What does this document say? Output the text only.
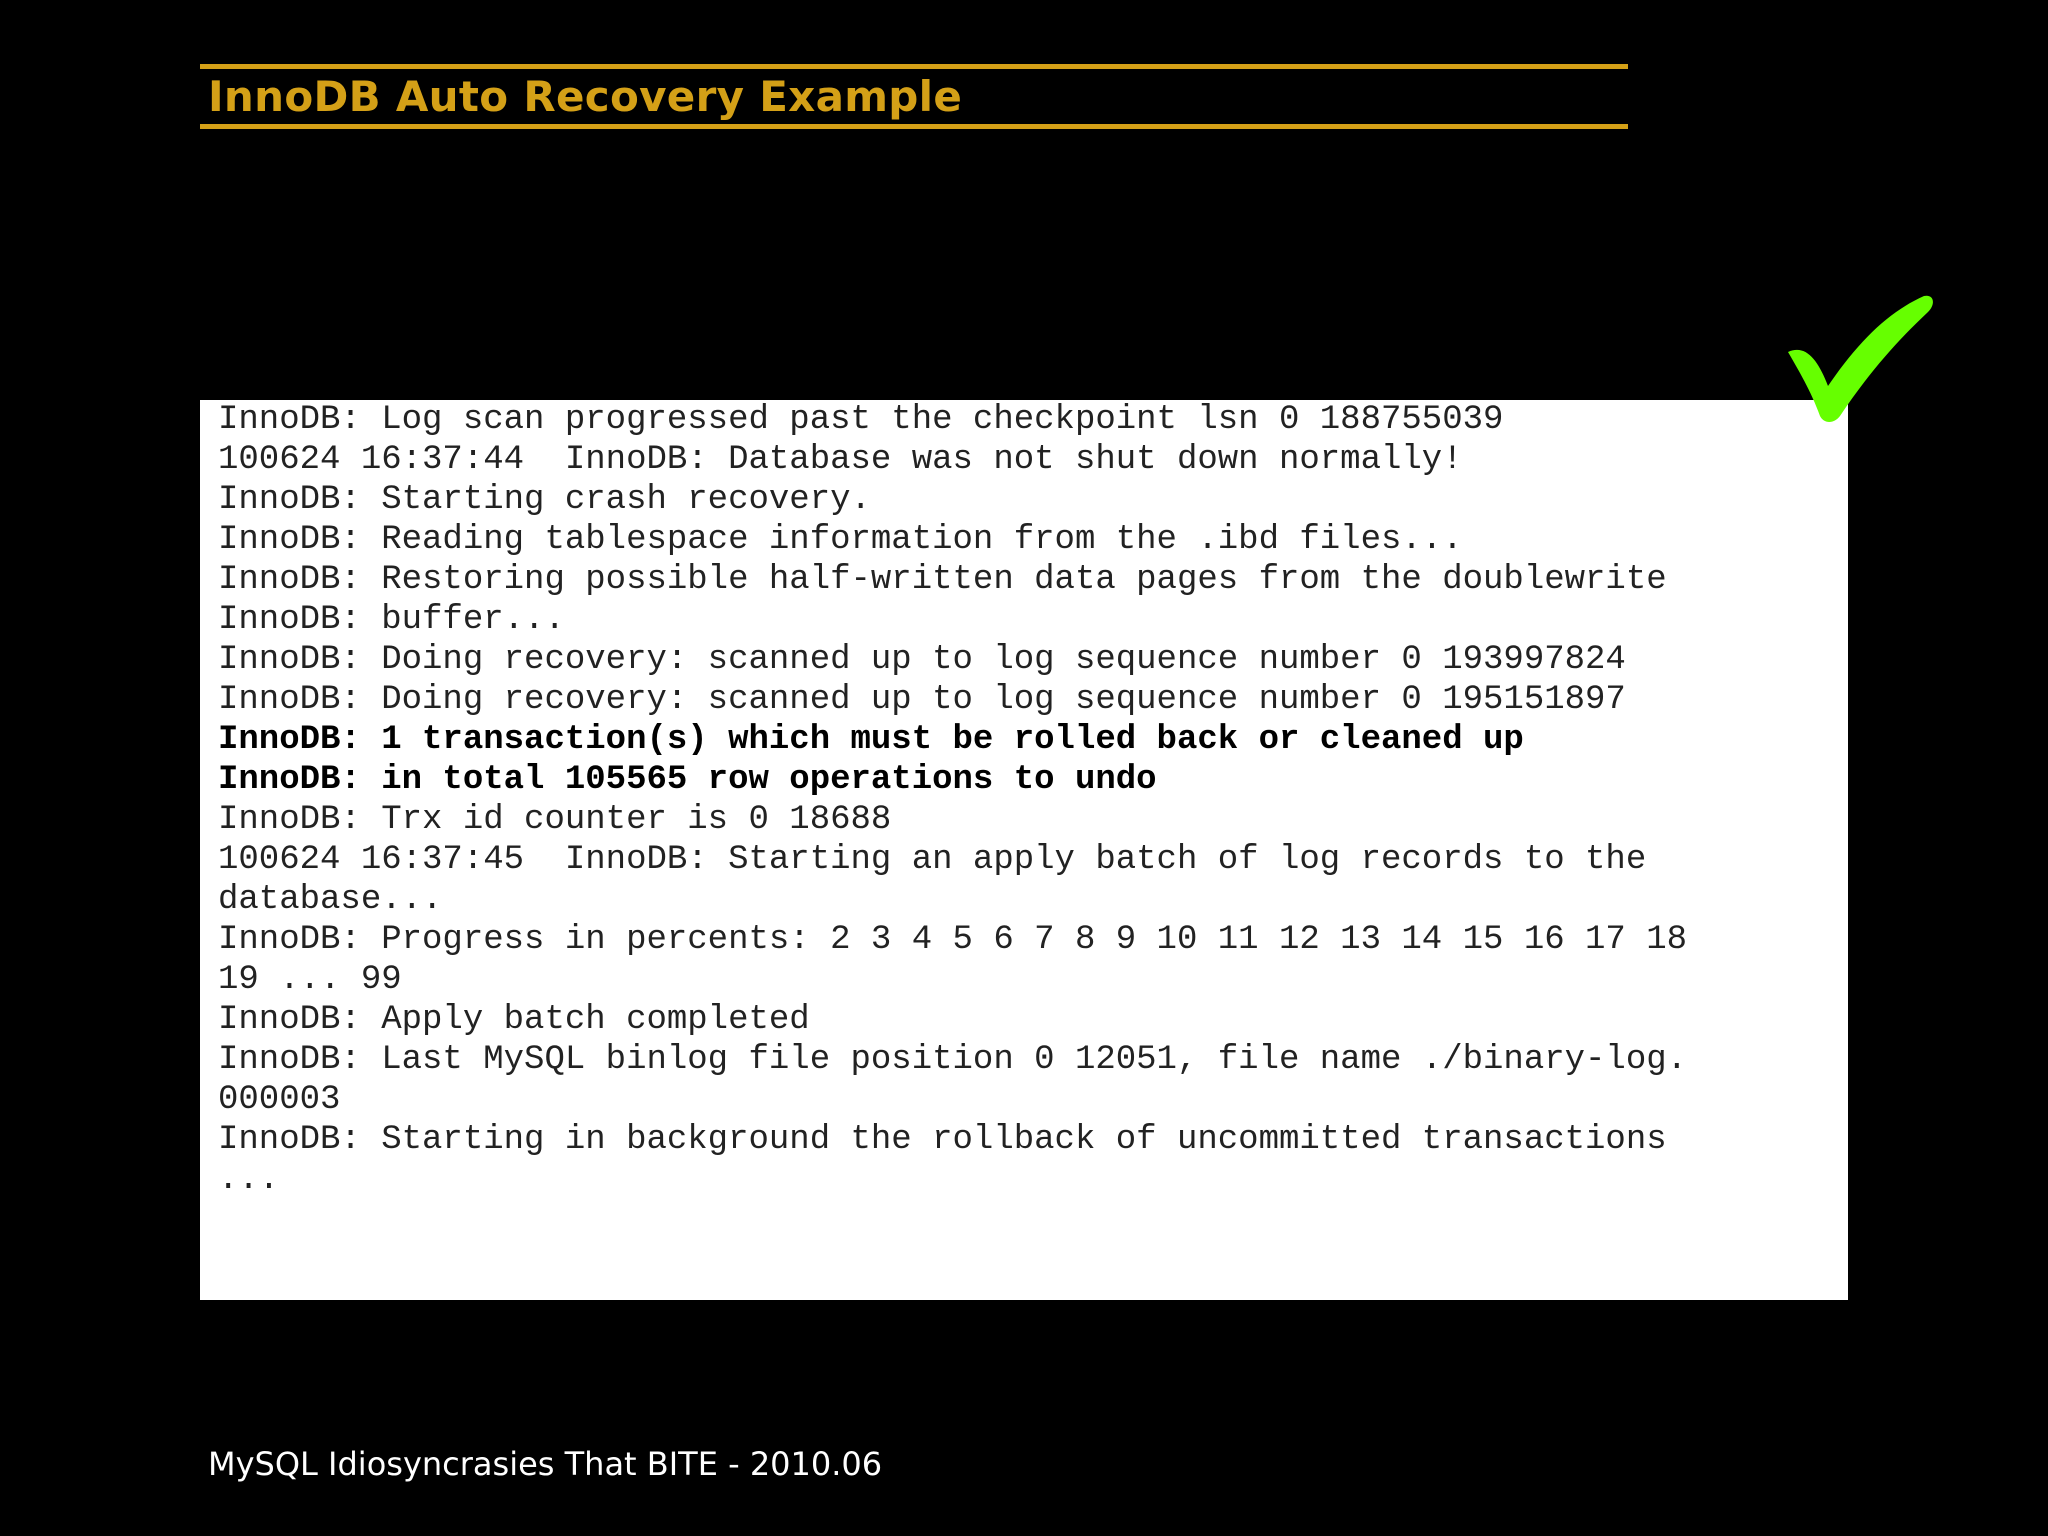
InnoDB Auto Recovery Example
InnoDB: Log scan progressed past the checkpoint lsn 0 188755039
100624 16:37:44  InnoDB: Database was not shut down normally!
InnoDB: Starting crash recovery.
InnoDB: Reading tablespace information from the .ibd files...
InnoDB: Restoring possible half-written data pages from the doublewrite
InnoDB: buffer...
InnoDB: Doing recovery: scanned up to log sequence number 0 193997824
InnoDB: Doing recovery: scanned up to log sequence number 0 195151897
InnoDB: 1 transaction(s) which must be rolled back or cleaned up
InnoDB: in total 105565 row operations to undo
InnoDB: Trx id counter is 0 18688
100624 16:37:45  InnoDB: Starting an apply batch of log records to the
database...
InnoDB: Progress in percents: 2 3 4 5 6 7 8 9 10 11 12 13 14 15 16 17 18
19 ... 99
InnoDB: Apply batch completed
InnoDB: Last MySQL binlog file position 0 12051, file name ./binary-log.
000003
InnoDB: Starting in background the rollback of uncommitted transactions
...
MySQL Idiosyncrasies That BITE - 2010.06
